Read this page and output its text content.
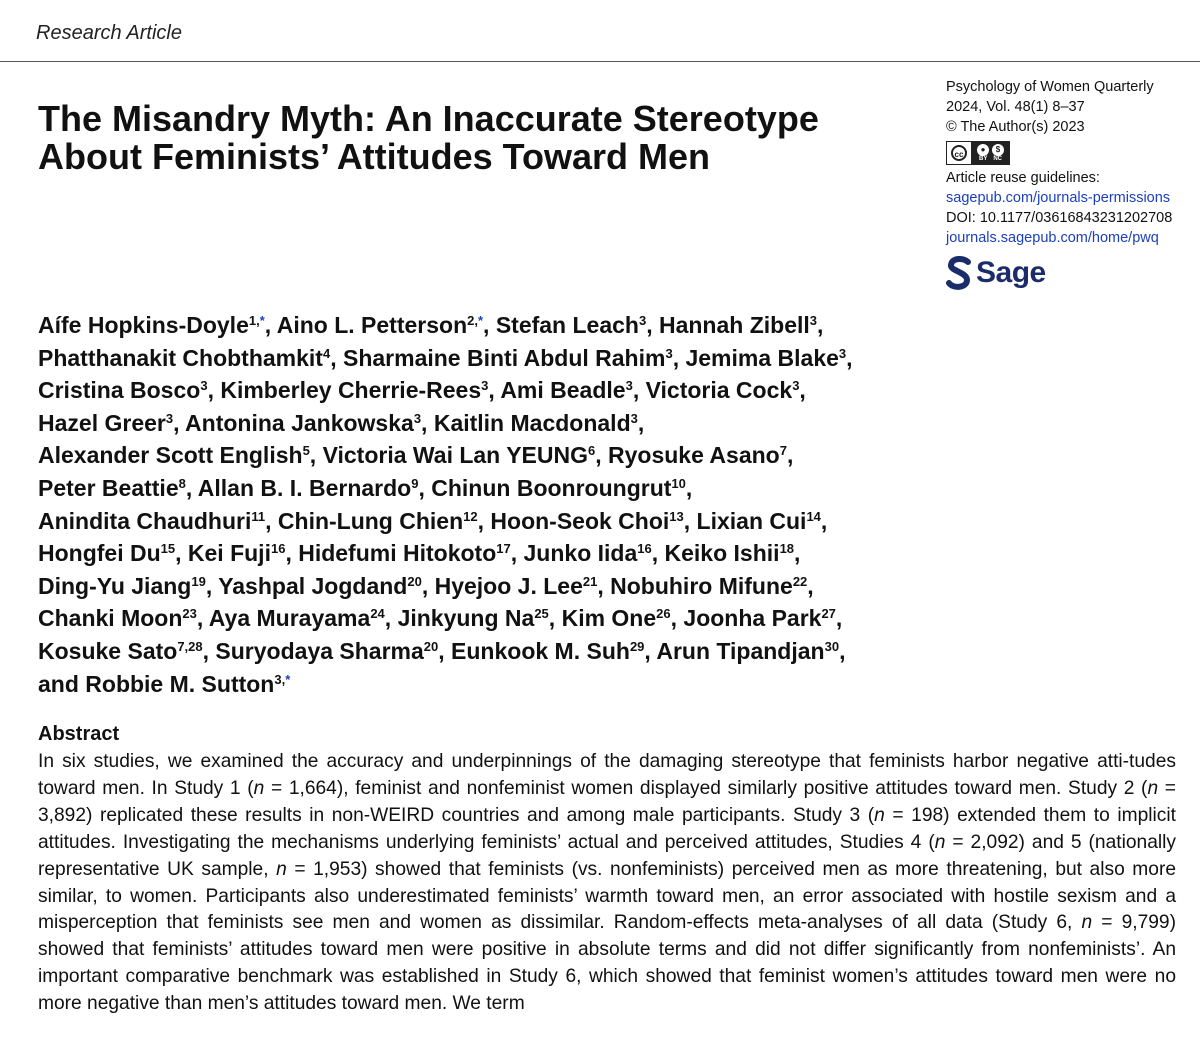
Research Article
The Misandry Myth: An Inaccurate Stereotype About Feminists’ Attitudes Toward Men
Psychology of Women Quarterly
2024, Vol. 48(1) 8–37
© The Author(s) 2023
cc
●	$
BY NC
Article reuse guidelines:
sagepub.com/journals-permissions
DOI: 10.1177/03616843231202708
journals.sagepub.com/home/pwq
Sage

Aífe Hopkins-Doyle$^{1,*}$, Aino L. Petterson$^{2,*}$, Stefan Leach$^3$, Hannah Zibell$^3$,
Phatthanakit Chobthamkit$^4$, Sharmaine Binti Abdul Rahim$^3$, Jemima Blake$^3$,
Cristina Bosco$^3$, Kimberley Cherrie-Rees$^3$, Ami Beadle$^3$, Victoria Cock$^3$,
Hazel Greer$^3$, Antonina Jankowska$^3$, Kaitlin Macdonald$^3$,
Alexander Scott English$^5$, Victoria Wai Lan YEUNG$^6$, Ryosuke Asano$^7$,
Peter Beattie$^8$, Allan B. I. Bernardo$^9$, Chinun Boonroungrut$^{10}$,
Anindita Chaudhuri$^{11}$, Chin-Lung Chien$^{12}$, Hoon-Seok Choi$^{13}$, Lixian Cui$^{14}$,
Hongfei Du$^{15}$, Kei Fuji$^{16}$, Hidefumi Hitokoto$^{17}$, Junko Iida$^{16}$, Keiko Ishii$^{18}$,
Ding-Yu Jiang$^{19}$, Yashpal Jogdand$^{20}$, Hyejoo J. Lee$^{21}$, Nobuhiro Mifune$^{22}$,
Chanki Moon$^{23}$, Aya Murayama$^{24}$, Jinkyung Na$^{25}$, Kim One$^{26}$, Joonha Park$^{27}$,
Kosuke Sato$^{7,28}$, Suryodaya Sharma$^{20}$, Eunkook M. Suh$^{29}$, Arun Tipandjan$^{30}$,
and Robbie M. Sutton$^{3,*}$

Abstract

In six studies, we examined the accuracy and underpinnings of the damaging stereotype that feminists harbor negative atti-tudes toward men. In Study 1 (n = 1,664), feminist and nonfeminist women displayed similarly positive attitudes toward men. Study 2 (n = 3,892) replicated these results in non-WEIRD countries and among male participants. Study 3 (n = 198) extended them to implicit attitudes. Investigating the mechanisms underlying feminists’ actual and perceived attitudes, Studies 4 (n = 2,092) and 5 (nationally representative UK sample, n = 1,953) showed that feminists (vs. nonfeminists) perceived men as more threatening, but also more similar, to women. Participants also underestimated feminists’ warmth toward men, an error associated with hostile sexism and a misperception that feminists see men and women as dissimilar. Random-effects meta-analyses of all data (Study 6, n = 9,799) showed that feminists’ attitudes toward men were positive in absolute terms and did not differ significantly from nonfeminists’. An important comparative benchmark was established in Study 6, which showed that feminist women’s attitudes toward men were no more negative than men’s attitudes toward men. We term
